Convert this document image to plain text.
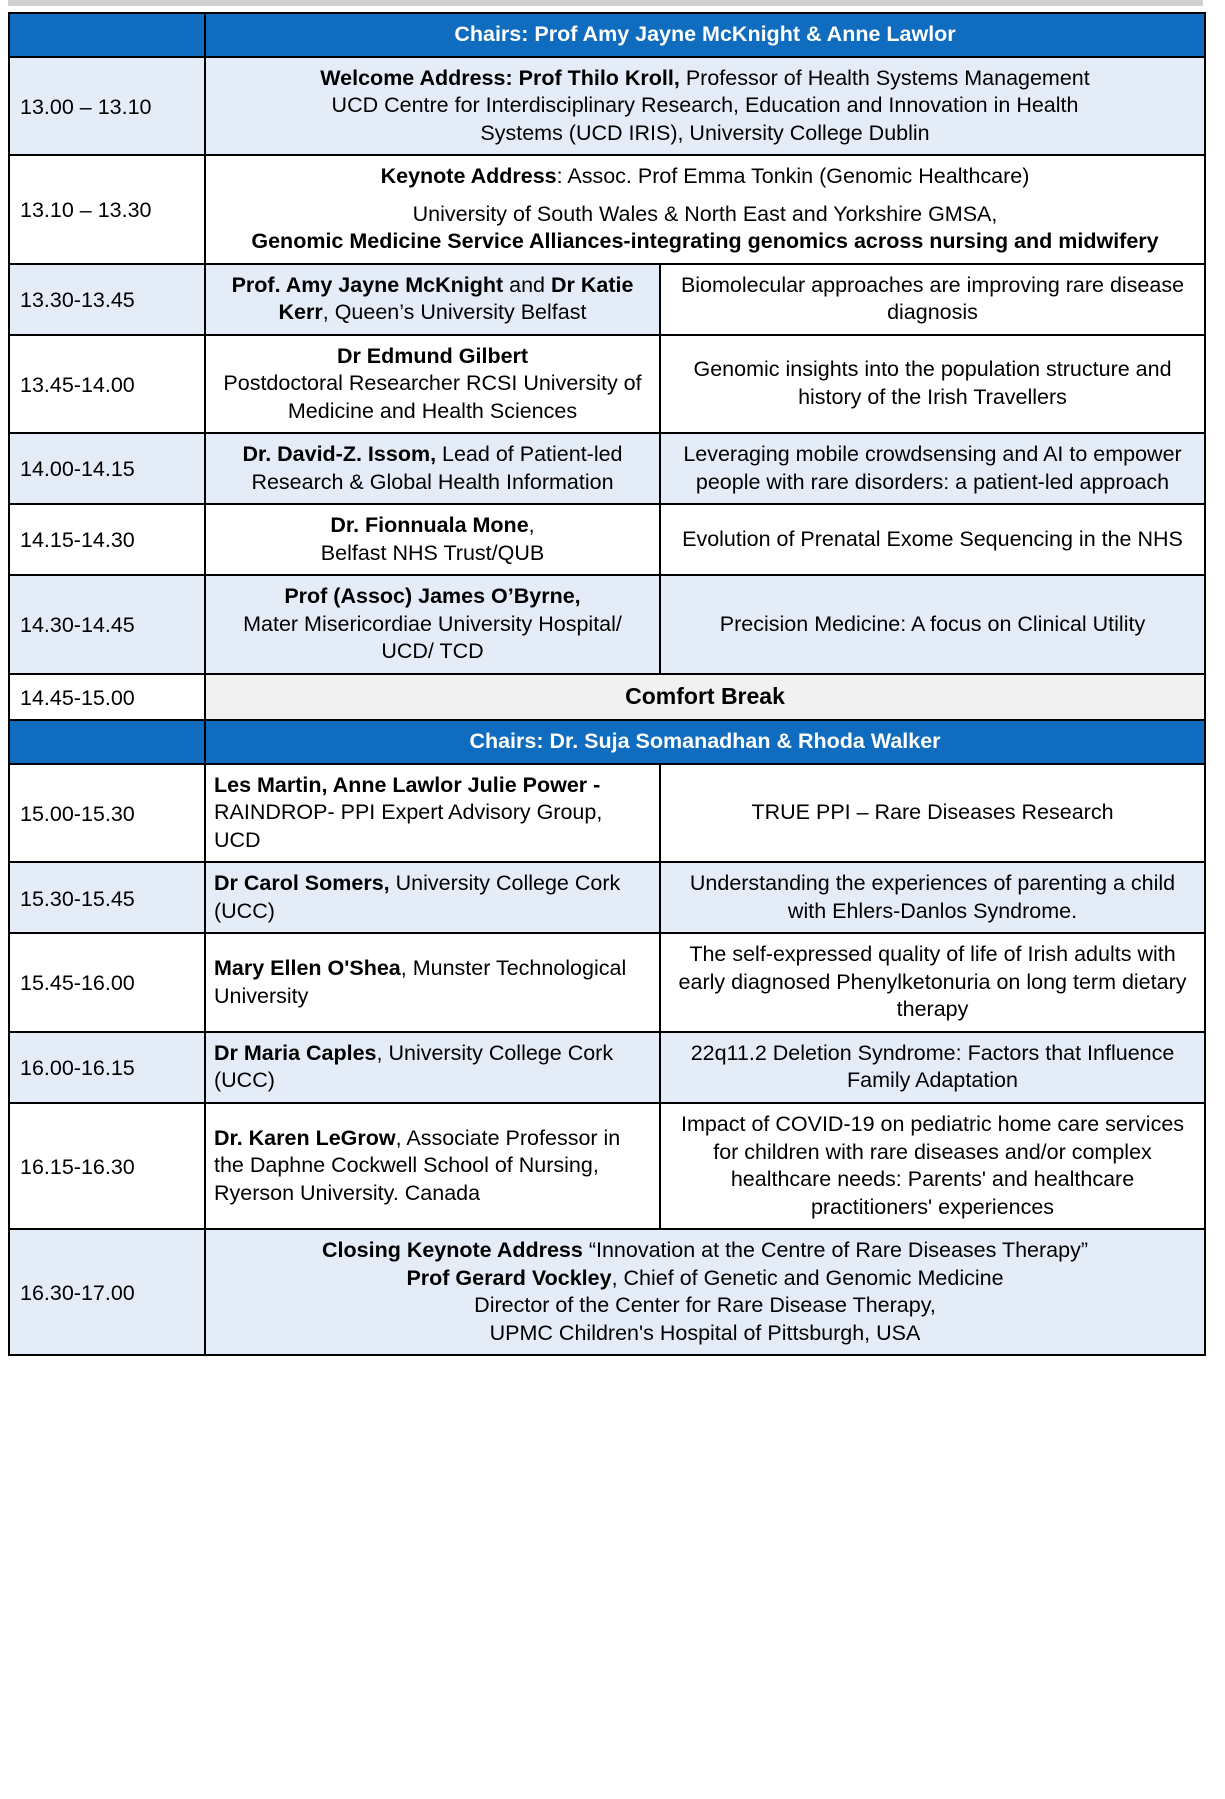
	Chairs: Prof Amy Jayne McKnight & Anne Lawlor	
13.00 – 13.10	Welcome Address: Prof Thilo Kroll, Professor of Health Systems Management
UCD Centre for Interdisciplinary Research, Education and Innovation in Health
Systems (UCD IRIS), University College Dublin	

13.10 – 13.30	Keynote Address: Assoc. Prof Emma Tonkin (Genomic Healthcare)
University of South Wales & North East and Yorkshire GMSA,
Genomic Medicine Service Alliances-integrating genomics across nursing and midwifery	

13.30-13.45	Prof. Amy Jayne McKnight and Dr Katie Kerr, Queen’s University Belfast	Biomolecular approaches are improving rare disease diagnosis
13.45-14.00	Dr Edmund Gilbert
Postdoctoral Researcher RCSI University of Medicine and Health Sciences	Genomic insights into the population structure and history of the Irish Travellers
14.00-14.15	Dr. David-Z. Issom, Lead of Patient-led Research & Global Health Information	Leveraging mobile crowdsensing and AI to empower people with rare disorders: a patient-led approach
14.15-14.30	Dr. Fionnuala Mone,
Belfast NHS Trust/QUB	Evolution of Prenatal Exome Sequencing in the NHS
14.30-14.45	Prof (Assoc) James O’Byrne,
Mater Misericordiae University Hospital/ UCD/ TCD	Precision Medicine: A focus on Clinical Utility
14.45-15.00	Comfort Break	
	Chairs: Dr. Suja Somanadhan & Rhoda Walker	
15.00-15.30	Les Martin, Anne Lawlor Julie Power -RAINDROP- PPI Expert Advisory Group, UCD	TRUE PPI – Rare Diseases Research
15.30-15.45	Dr Carol Somers, University College Cork (UCC)	Understanding the experiences of parenting a child with Ehlers-Danlos Syndrome.
15.45-16.00	Mary Ellen O'Shea, Munster Technological University	The self-expressed quality of life of Irish adults with early diagnosed Phenylketonuria on long term dietary therapy
16.00-16.15	Dr Maria Caples, University College Cork (UCC)	22q11.2 Deletion Syndrome: Factors that Influence Family Adaptation
16.15-16.30	Dr. Karen LeGrow, Associate Professor in the Daphne Cockwell School of Nursing, Ryerson University. Canada	Impact of COVID-19 on pediatric home care services for children with rare diseases and/or complex healthcare needs: Parents' and healthcare practitioners' experiences
16.30-17.00	Closing Keynote Address “Innovation at the Centre of Rare Diseases Therapy”
Prof Gerard Vockley, Chief of Genetic and Genomic Medicine
Director of the Center for Rare Disease Therapy,
UPMC Children's Hospital of Pittsburgh, USA	
